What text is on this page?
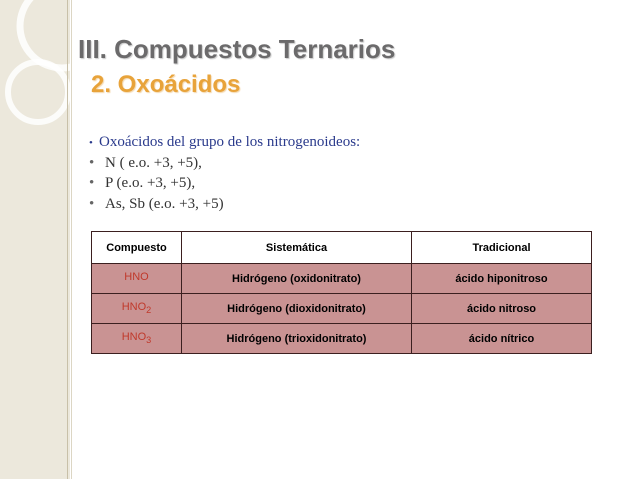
III. Compuestos Ternarios
2. Oxoácidos
• Oxoácidos del grupo de los nitrogenoideos:
• N ( e.o. +3, +5),
• P (e.o. +3, +5),
• As, Sb (e.o. +3, +5)
Compuesto	Sistemática	Tradicional
HNO	Hidrógeno (oxidonitrato)	ácido hiponitroso
$HNO_2$	Hidrógeno (dioxidonitrato)	ácido nitroso
$HNO_3$	Hidrógeno (trioxidonitrato)	ácido nítrico
